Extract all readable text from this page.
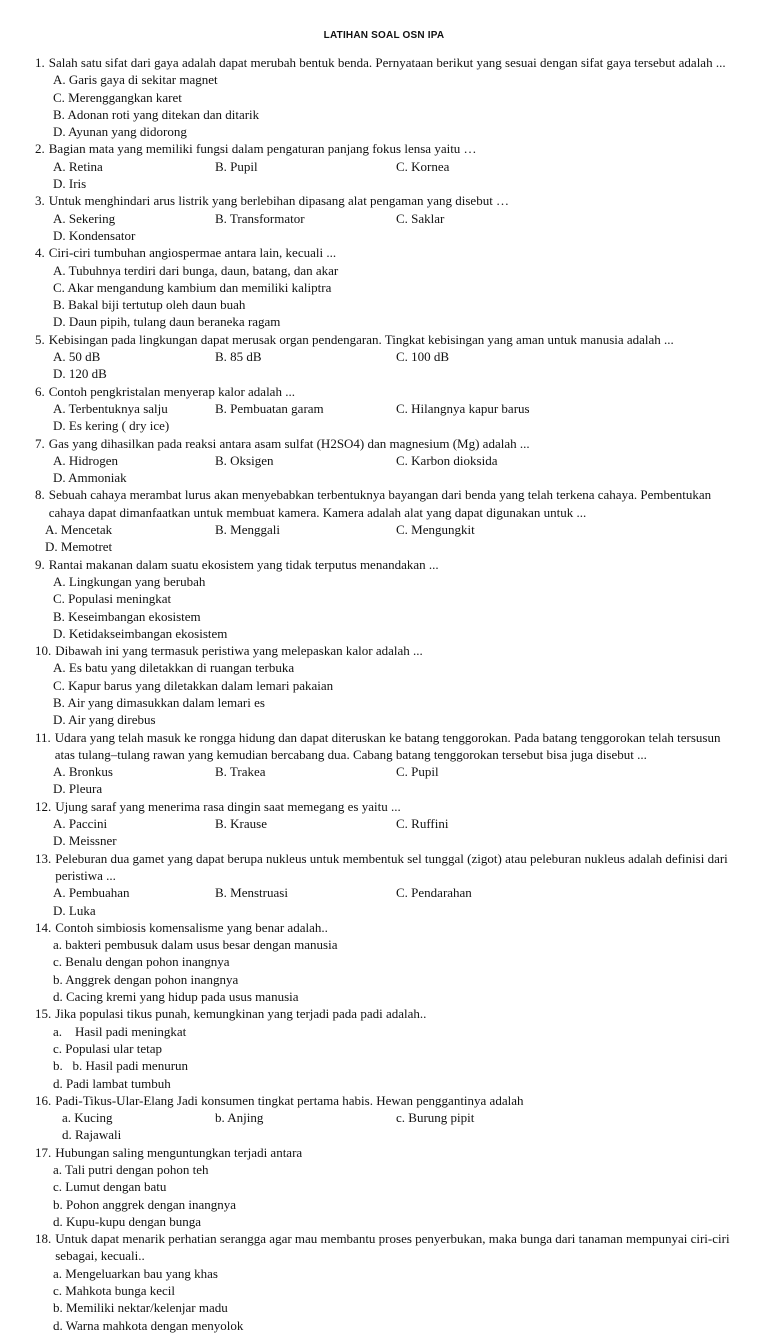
LATIHAN SOAL OSN IPA
1. Salah satu sifat dari gaya adalah dapat merubah bentuk benda. Pernyataan berikut yang sesuai dengan sifat gaya tersebut adalah ...
A. Garis gaya di sekitar magnet
C. Merenggangkan karet
B. Adonan roti yang ditekan dan ditarik
D. Ayunan yang didorong
2. Bagian mata yang memiliki fungsi dalam pengaturan panjang fokus lensa yaitu …
A. Retina	B. Pupil	C. Kornea
D. Iris
3. Untuk menghindari arus listrik yang berlebihan dipasang alat pengaman yang disebut …
A. Sekering	B. Transformator	C. Saklar
D. Kondensator
4. Ciri-ciri tumbuhan angiospermae antara lain, kecuali ...
A. Tubuhnya terdiri dari bunga, daun, batang, dan akar
C. Akar mengandung kambium dan memiliki kaliptra
B. Bakal biji tertutup oleh daun buah
D. Daun pipih, tulang daun beraneka ragam
5. Kebisingan pada lingkungan dapat merusak organ pendengaran. Tingkat kebisingan yang aman untuk manusia adalah ...
A. 50 dB	B. 85 dB	C. 100 dB
D. 120 dB
6. Contoh pengkristalan menyerap kalor adalah ...
A. Terbentuknya salju	B. Pembuatan garam	C. Hilangnya kapur barus
D. Es kering ( dry ice)
7. Gas yang dihasilkan pada reaksi antara asam sulfat (H2SO4) dan magnesium (Mg) adalah ...
A. Hidrogen	B. Oksigen	C. Karbon dioksida
D. Ammoniak
8. Sebuah cahaya merambat lurus akan menyebabkan terbentuknya bayangan dari benda yang telah terkena cahaya. Pembentukan cahaya dapat dimanfaatkan untuk membuat kamera. Kamera adalah alat yang dapat digunakan untuk ...
A. Mencetak	B. Menggali	C. Mengungkit
D. Memotret
9. Rantai makanan dalam suatu ekosistem yang tidak terputus menandakan ...
A. Lingkungan yang berubah
C. Populasi meningkat
B. Keseimbangan ekosistem
D. Ketidakseimbangan ekosistem
10. Dibawah ini yang termasuk peristiwa yang melepaskan kalor adalah ...
A. Es batu yang diletakkan di ruangan terbuka
C. Kapur barus yang diletakkan dalam lemari pakaian
B. Air yang dimasukkan dalam lemari es
D. Air yang direbus
11. Udara yang telah masuk ke rongga hidung dan dapat diteruskan ke batang tenggorokan. Pada batang tenggorokan telah tersusun atas tulang–tulang rawan yang kemudian bercabang dua. Cabang batang tenggorokan tersebut bisa juga disebut ...
A. Bronkus	B. Trakea	C. Pupil
D. Pleura
12. Ujung saraf yang menerima rasa dingin saat memegang es yaitu ...
A. Paccini	B. Krause	C. Ruffini
D. Meissner
13. Peleburan dua gamet yang dapat berupa nukleus untuk membentuk sel tunggal (zigot) atau peleburan nukleus adalah definisi dari peristiwa ...
A. Pembuahan	B. Menstruasi	C. Pendarahan
D. Luka
14. Contoh simbiosis komensalisme yang benar adalah..
a. bakteri pembusuk dalam usus besar dengan manusia
c. Benalu dengan pohon inangnya
b. Anggrek dengan pohon inangnya
d. Cacing kremi yang hidup pada usus manusia
15. Jika populasi tikus punah, kemungkinan yang terjadi pada padi adalah..
a.    Hasil padi meningkat
c. Populasi ular tetap
b.   b. Hasil padi menurun
d. Padi lambat tumbuh
16. Padi-Tikus-Ular-Elang Jadi konsumen tingkat pertama habis. Hewan penggantinya adalah
a. Kucing	b. Anjing	c. Burung pipit
d. Rajawali
17. Hubungan saling menguntungkan terjadi antara
a. Tali putri dengan pohon teh
c. Lumut dengan batu
b. Pohon anggrek dengan inangnya
d. Kupu-kupu dengan bunga
18. Untuk dapat menarik perhatian serangga agar mau membantu proses penyerbukan, maka bunga dari tanaman mempunyai ciri-ciri sebagai, kecuali..
a. Mengeluarkan bau yang khas
c. Mahkota bunga kecil
b. Memiliki nektar/kelenjar madu
d. Warna mahkota dengan menyolok
